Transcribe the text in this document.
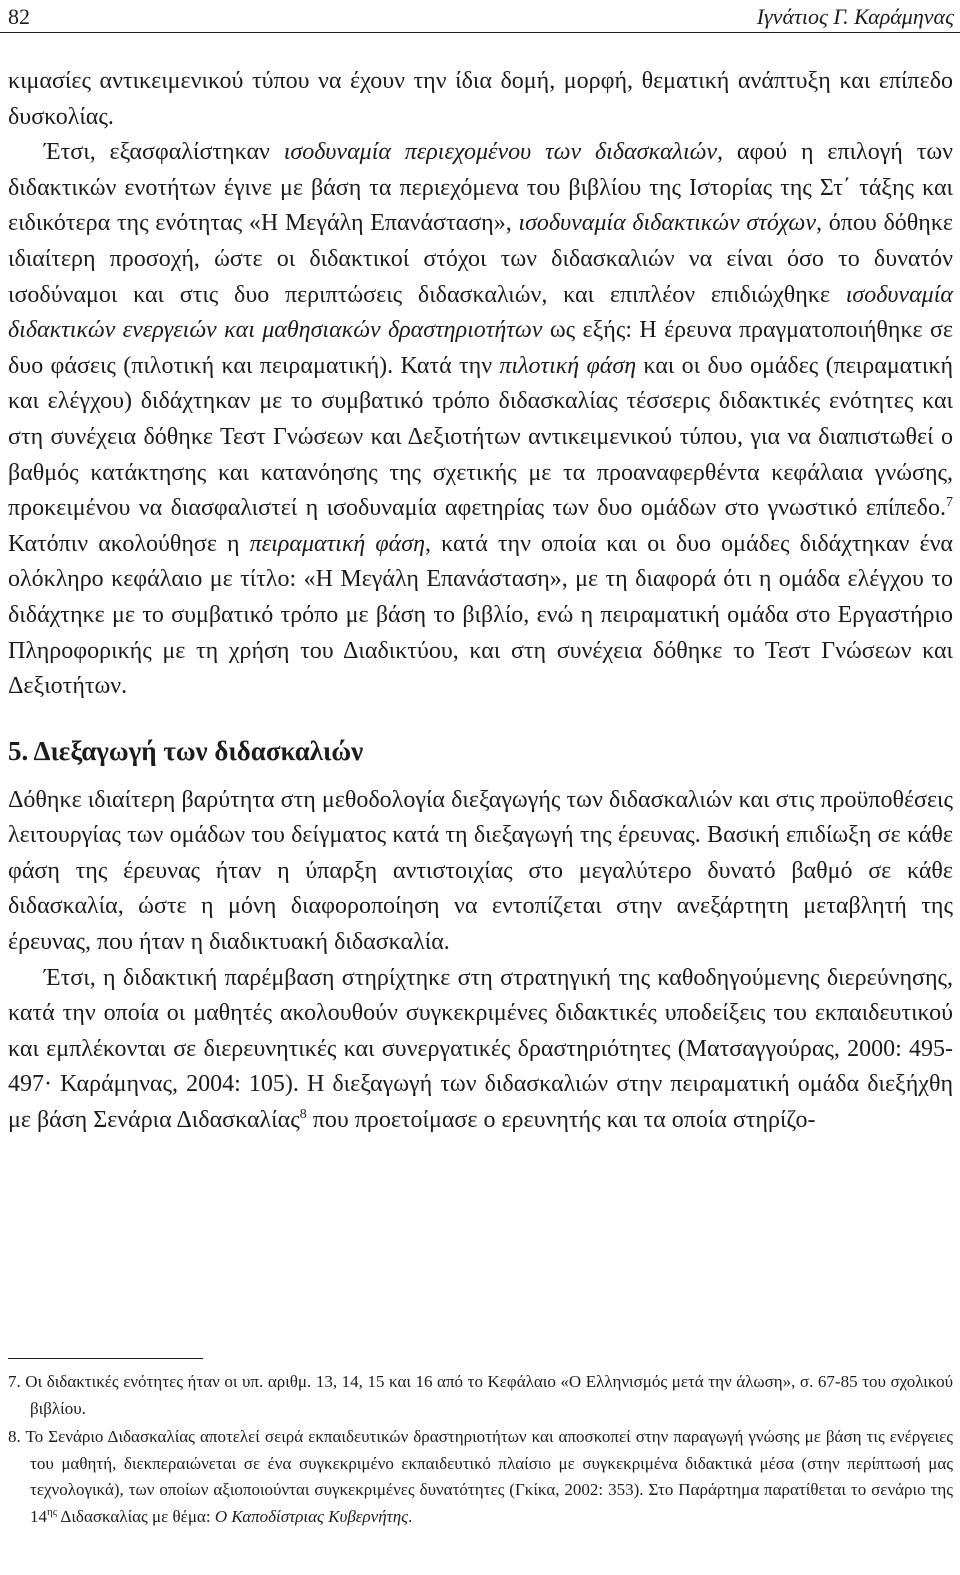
82	Ιγνάτιος Γ. Καράμηνας

κιμασίες αντικειμενικού τύπου να έχουν την ίδια δομή, μορφή, θεματική ανάπτυξη και επίπεδο δυσκολίας.

Έτσι, εξασφαλίστηκαν ισοδυναμία περιεχομένου των διδασκαλιών, αφού η επιλογή των διδακτικών ενοτήτων έγινε με βάση τα περιεχόμενα του βιβλίου της Ιστορίας της Στ΄ τάξης και ειδικότερα της ενότητας «Η Μεγάλη Επανάσταση», ισοδυναμία διδακτικών στόχων, όπου δόθηκε ιδιαίτερη προσοχή, ώστε οι διδακτικοί στόχοι των διδασκαλιών να είναι όσο το δυνατόν ισοδύναμοι και στις δυο περιπτώσεις διδασκαλιών, και επιπλέον επιδιώχθηκε ισοδυναμία διδακτικών ενεργειών και μαθησιακών δραστηριοτήτων ως εξής: Η έρευνα πραγματοποιήθηκε σε δυο φάσεις (πιλοτική και πειραματική). Κατά την πιλοτική φάση και οι δυο ομάδες (πειραματική και ελέγχου) διδάχτηκαν με το συμβατικό τρόπο διδασκαλίας τέσσερις διδακτικές ενότητες και στη συνέχεια δόθηκε Τεστ Γνώσεων και Δεξιοτήτων αντικειμενικού τύπου, για να διαπιστωθεί ο βαθμός κατάκτησης και κατανόησης της σχετικής με τα προαναφερθέντα κεφάλαια γνώσης, προκειμένου να διασφαλιστεί η ισοδυναμία αφετηρίας των δυο ομάδων στο γνωστικό επίπεδο.$^7$ Κατόπιν ακολούθησε η πειραματική φάση, κατά την οποία και οι δυο ομάδες διδάχτηκαν ένα ολόκληρο κεφάλαιο με τίτλο: «Η Μεγάλη Επανάσταση», με τη διαφορά ότι η ομάδα ελέγχου το διδάχτηκε με το συμβατικό τρόπο με βάση το βιβλίο, ενώ η πειραματική ομάδα στο Εργαστήριο Πληροφορικής με τη χρήση του Διαδικτύου, και στη συνέχεια δόθηκε το Τεστ Γνώσεων και Δεξιοτήτων.

5. Διεξαγωγή των διδασκαλιών

Δόθηκε ιδιαίτερη βαρύτητα στη μεθοδολογία διεξαγωγής των διδασκαλιών και στις προϋποθέσεις λειτουργίας των ομάδων του δείγματος κατά τη διεξαγωγή της έρευνας. Βασική επιδίωξη σε κάθε φάση της έρευνας ήταν η ύπαρξη αντιστοιχίας στο μεγαλύτερο δυνατό βαθμό σε κάθε διδασκαλία, ώστε η μόνη διαφοροποίηση να εντοπίζεται στην ανεξάρτητη μεταβλητή της έρευνας, που ήταν η διαδικτυακή διδασκαλία.

Έτσι, η διδακτική παρέμβαση στηρίχτηκε στη στρατηγική της καθοδηγούμενης διερεύνησης, κατά την οποία οι μαθητές ακολουθούν συγκεκριμένες διδακτικές υποδείξεις του εκπαιδευτικού και εμπλέκονται σε διερευνητικές και συνεργατικές δραστηριότητες (Ματσαγγούρας, 2000: 495-497· Καράμηνας, 2004: 105). Η διεξαγωγή των διδασκαλιών στην πειραματική ομάδα διεξήχθη με βάση Σενάρια Διδασκαλίας$^8$ που προετοίμασε ο ερευνητής και τα οποία στηρίζο-

7. Οι διδακτικές ενότητες ήταν οι υπ. αριθμ. 13, 14, 15 και 16 από το Κεφάλαιο «Ο Ελληνισμός μετά την άλωση», σ. 67-85 του σχολικού βιβλίου.

8. Το Σενάριο Διδασκαλίας αποτελεί σειρά εκπαιδευτικών δραστηριοτήτων και αποσκοπεί στην παραγωγή γνώσης με βάση τις ενέργειες του μαθητή, διεκπεραιώνεται σε ένα συγκεκριμένο εκπαιδευτικό πλαίσιο με συγκεκριμένα διδακτικά μέσα (στην περίπτωσή μας τεχνολογικά), των οποίων αξιοποιούνται συγκεκριμένες δυνατότητες (Γκίκα, 2002: 353). Στο Παράρτημα παρατίθεται το σενάριο της $14^{\eta\varsigma}$ Διδασκαλίας με θέμα: Ο Καποδίστριας Κυβερνήτης.
